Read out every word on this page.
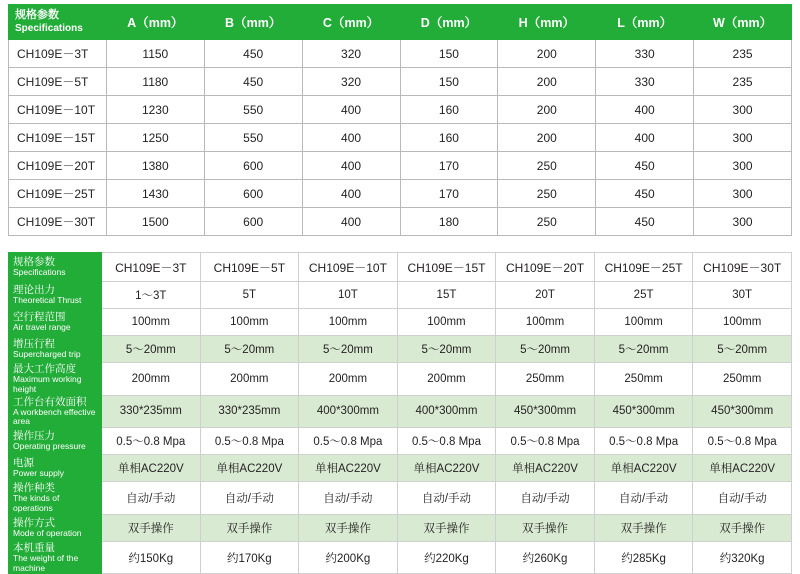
规格参数
Specifications	A（mm）	B（mm）	C（mm）	D（mm）	H（mm）	L（mm）	W（mm）
CH109E－3T	1150	450	320	150	200	330	235
CH109E－5T	1180	450	320	150	200	330	235
CH109E－10T	1230	550	400	160	200	400	300
CH109E－15T	1250	550	400	160	200	400	300
CH109E－20T	1380	600	400	170	250	450	300
CH109E－25T	1430	600	400	170	250	450	300
CH109E－30T	1500	600	400	180	250	450	300
规格参数
Specifications	CH109E－3T	CH109E－5T	CH109E－10T	CH109E－15T	CH109E－20T	CH109E－25T	CH109E－30T

理论出力
Theoretical Thrust	1～3T	5T	10T	15T	20T	25T	30T

空行程范围
Air travel range	100mm	100mm	100mm	100mm	100mm	100mm	100mm

增压行程
Supercharged trip	5～20mm	5～20mm	5～20mm	5～20mm	5～20mm	5～20mm	5～20mm

最大工作高度
Maximum working height	200mm	200mm	200mm	200mm	250mm	250mm	250mm

工作台有效面积
A workbench effective area	330*235mm	330*235mm	400*300mm	400*300mm	450*300mm	450*300mm	450*300mm

操作压力
Operating pressure	0.5～0.8 Mpa	0.5～0.8 Mpa	0.5～0.8 Mpa	0.5～0.8 Mpa	0.5～0.8 Mpa	0.5～0.8 Mpa	0.5～0.8 Mpa

电源
Power supply	单相AC220V	单相AC220V	单相AC220V	单相AC220V	单相AC220V	单相AC220V	单相AC220V

操作种类
The kinds of operations	自动/手动	自动/手动	自动/手动	自动/手动	自动/手动	自动/手动	自动/手动

操作方式
Mode of operation	双手操作	双手操作	双手操作	双手操作	双手操作	双手操作	双手操作

本机重量
The weight of the machine	约150Kg	约170Kg	约200Kg	约220Kg	约260Kg	约285Kg	约320Kg
